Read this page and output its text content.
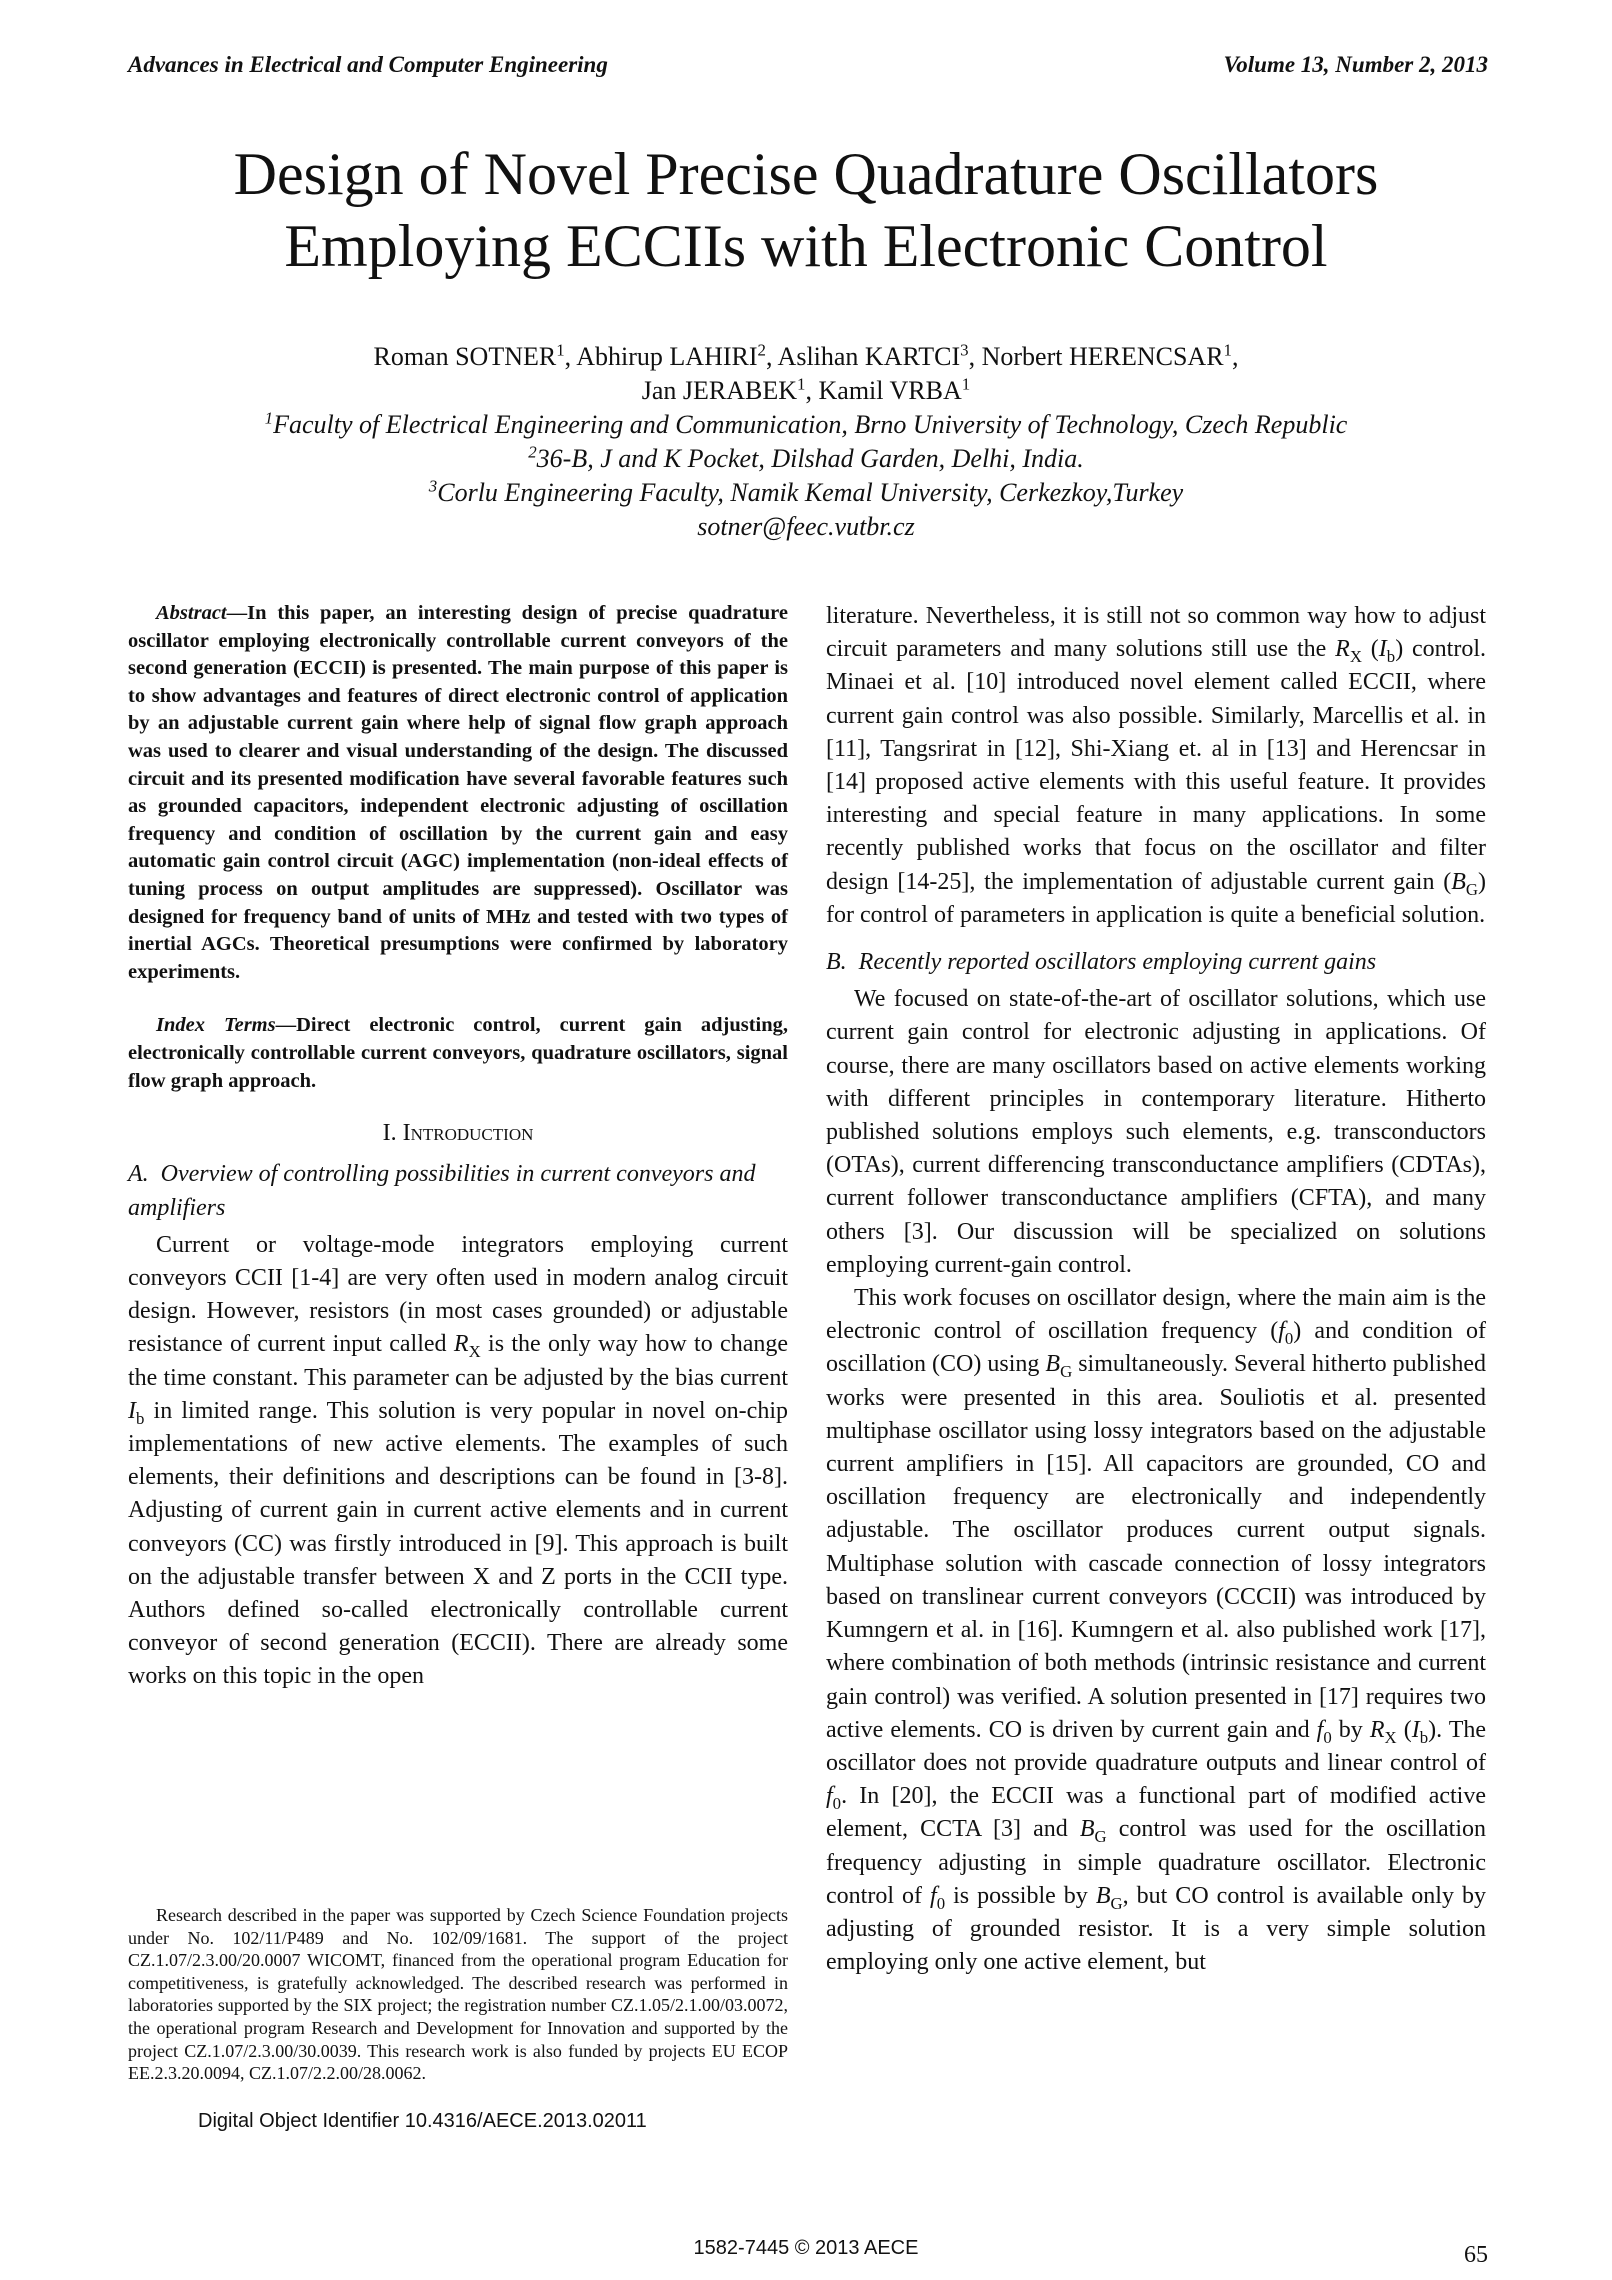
Advances in Electrical and Computer Engineering	Volume 13, Number 2, 2013
Design of Novel Precise Quadrature Oscillators
Employing ECCIIs with Electronic Control
Roman SOTNER$^1$, Abhirup LAHIRI$^2$, Aslihan KARTCI$^3$, Norbert HERENCSAR$^1$,
Jan JERABEK$^1$, Kamil VRBA$^1$

$^1$Faculty of Electrical Engineering and Communication, Brno University of Technology, Czech Republic

$^2$36-B, J and K Pocket, Dilshad Garden, Delhi, India.

$^3$Corlu Engineering Faculty, Namik Kemal University, Cerkezkoy,Turkey

sotner@feec.vutbr.cz

Abstract—In this paper, an interesting design of precise quadrature oscillator employing electronically controllable current conveyors of the second generation (ECCII) is presented. The main purpose of this paper is to show advantages and features of direct electronic control of application by an adjustable current gain where help of signal flow graph approach was used to clearer and visual understanding of the design. The discussed circuit and its presented modification have several favorable features such as grounded capacitors, independent electronic adjusting of oscillation frequency and condition of oscillation by the current gain and easy automatic gain control circuit (AGC) implementation (non-ideal effects of tuning process on output amplitudes are suppressed). Oscillator was designed for frequency band of units of MHz and tested with two types of inertial AGCs. Theoretical presumptions were confirmed by laboratory experiments.

Index Terms—Direct electronic control, current gain adjusting, electronically controllable current conveyors, quadrature oscillators, signal flow graph approach.

I. Introduction

A. Overview of controlling possibilities in current conveyors and amplifiers

Current or voltage-mode integrators employing current conveyors CCII [1-4] are very often used in modern analog circuit design. However, resistors (in most cases grounded) or adjustable resistance of current input called $R_X$ is the only way how to change the time constant. This parameter can be adjusted by the bias current $I_b$ in limited range. This solution is very popular in novel on-chip implementations of new active elements. The examples of such elements, their definitions and descriptions can be found in [3-8]. Adjusting of current gain in current active elements and in current conveyors (CC) was firstly introduced in [9]. This approach is built on the adjustable transfer between X and Z ports in the CCII type. Authors defined so-called electronically controllable current conveyor of second generation (ECCII). There are already some works on this topic in the open

Research described in the paper was supported by Czech Science Foundation projects under No. 102/11/P489 and No. 102/09/1681. The support of the project CZ.1.07/2.3.00/20.0007 WICOMT, financed from the operational program Education for competitiveness, is gratefully acknowledged. The described research was performed in laboratories supported by the SIX project; the registration number CZ.1.05/2.1.00/03.0072, the operational program Research and Development for Innovation and supported by the project CZ.1.07/2.3.00/30.0039. This research work is also funded by projects EU ECOP EE.2.3.20.0094, CZ.1.07/2.2.00/28.0062.

Digital Object Identifier 10.4316/AECE.2013.02011

literature. Nevertheless, it is still not so common way how to adjust circuit parameters and many solutions still use the $R_X$ $(I_b)$ control. Minaei et al. [10] introduced novel element called ECCII, where current gain control was also possible. Similarly, Marcellis et al. in [11], Tangsrirat in [12], Shi-Xiang et. al in [13] and Herencsar in [14] proposed active elements with this useful feature. It provides interesting and special feature in many applications. In some recently published works that focus on the oscillator and filter design [14-25], the implementation of adjustable current gain $(B_G)$ for control of parameters in application is quite a beneficial solution.

B. Recently reported oscillators employing current gains

We focused on state-of-the-art of oscillator solutions, which use current gain control for electronic adjusting in applications. Of course, there are many oscillators based on active elements working with different principles in contemporary literature. Hitherto published solutions employs such elements, e.g. transconductors (OTAs), current differencing transconductance amplifiers (CDTAs), current follower transconductance amplifiers (CFTA), and many others [3]. Our discussion will be specialized on solutions employing current-gain control.

This work focuses on oscillator design, where the main aim is the electronic control of oscillation frequency $(f_0)$ and condition of oscillation (CO) using $B_G$ simultaneously. Several hitherto published works were presented in this area. Souliotis et al. presented multiphase oscillator using lossy integrators based on the adjustable current amplifiers in [15]. All capacitors are grounded, CO and oscillation frequency are electronically and independently adjustable. The oscillator produces current output signals. Multiphase solution with cascade connection of lossy integrators based on translinear current conveyors (CCCII) was introduced by Kumngern et al. in [16]. Kumngern et al. also published work [17], where combination of both methods (intrinsic resistance and current gain control) was verified. A solution presented in [17] requires two active elements. CO is driven by current gain and $f_0$ by $R_X$ $(I_b)$. The oscillator does not provide quadrature outputs and linear control of $f_0$. In [20], the ECCII was a functional part of modified active element, CCTA [3] and $B_G$ control was used for the oscillation frequency adjusting in simple quadrature oscillator. Electronic control of $f_0$ is possible by $B_G$, but CO control is available only by adjusting of grounded resistor. It is a very simple solution employing only one active element, but

65
1582-7445 © 2013 AECE
